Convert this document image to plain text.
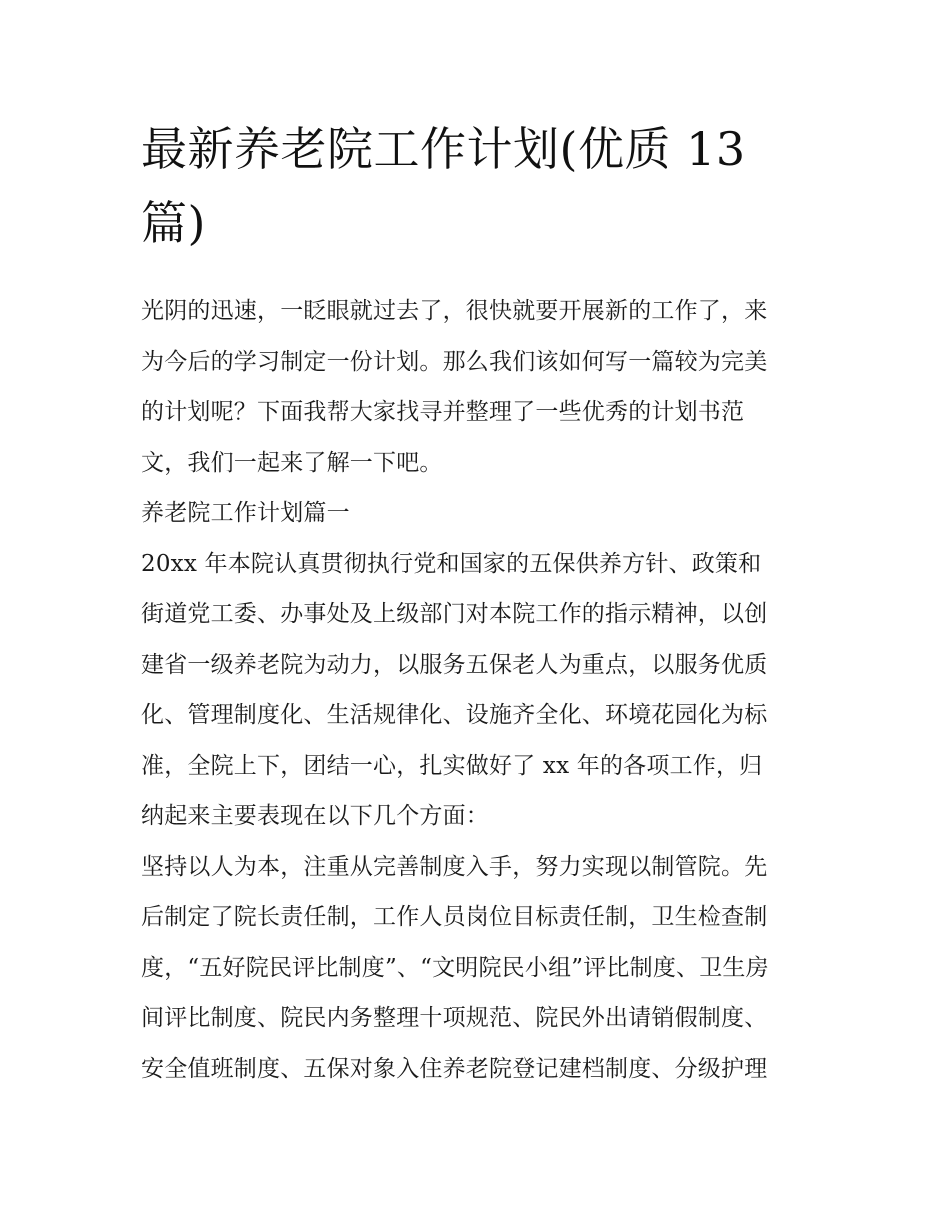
最新养老院工作计划(优质 13
篇)

光阴的迅速，一眨眼就过去了，很快就要开展新的工作了，来
为今后的学习制定一份计划。那么我们该如何写一篇较为完美
的计划呢？下面我帮大家找寻并整理了一些优秀的计划书范
文，我们一起来了解一下吧。

养老院工作计划篇一

20xx 年本院认真贯彻执行党和国家的五保供养方针、政策和
街道党工委、办事处及上级部门对本院工作的指示精神，以创
建省一级养老院为动力，以服务五保老人为重点，以服务优质
化、管理制度化、生活规律化、设施齐全化、环境花园化为标
准，全院上下，团结一心，扎实做好了 xx 年的各项工作，归
纳起来主要表现在以下几个方面：

坚持以人为本，注重从完善制度入手，努力实现以制管院。先
后制定了院长责任制，工作人员岗位目标责任制，卫生检查制
度，“五好院民评比制度”、“文明院民小组”评比制度、卫生房
间评比制度、院民内务整理十项规范、院民外出请销假制度、
安全值班制度、五保对象入住养老院登记建档制度、分级护理
